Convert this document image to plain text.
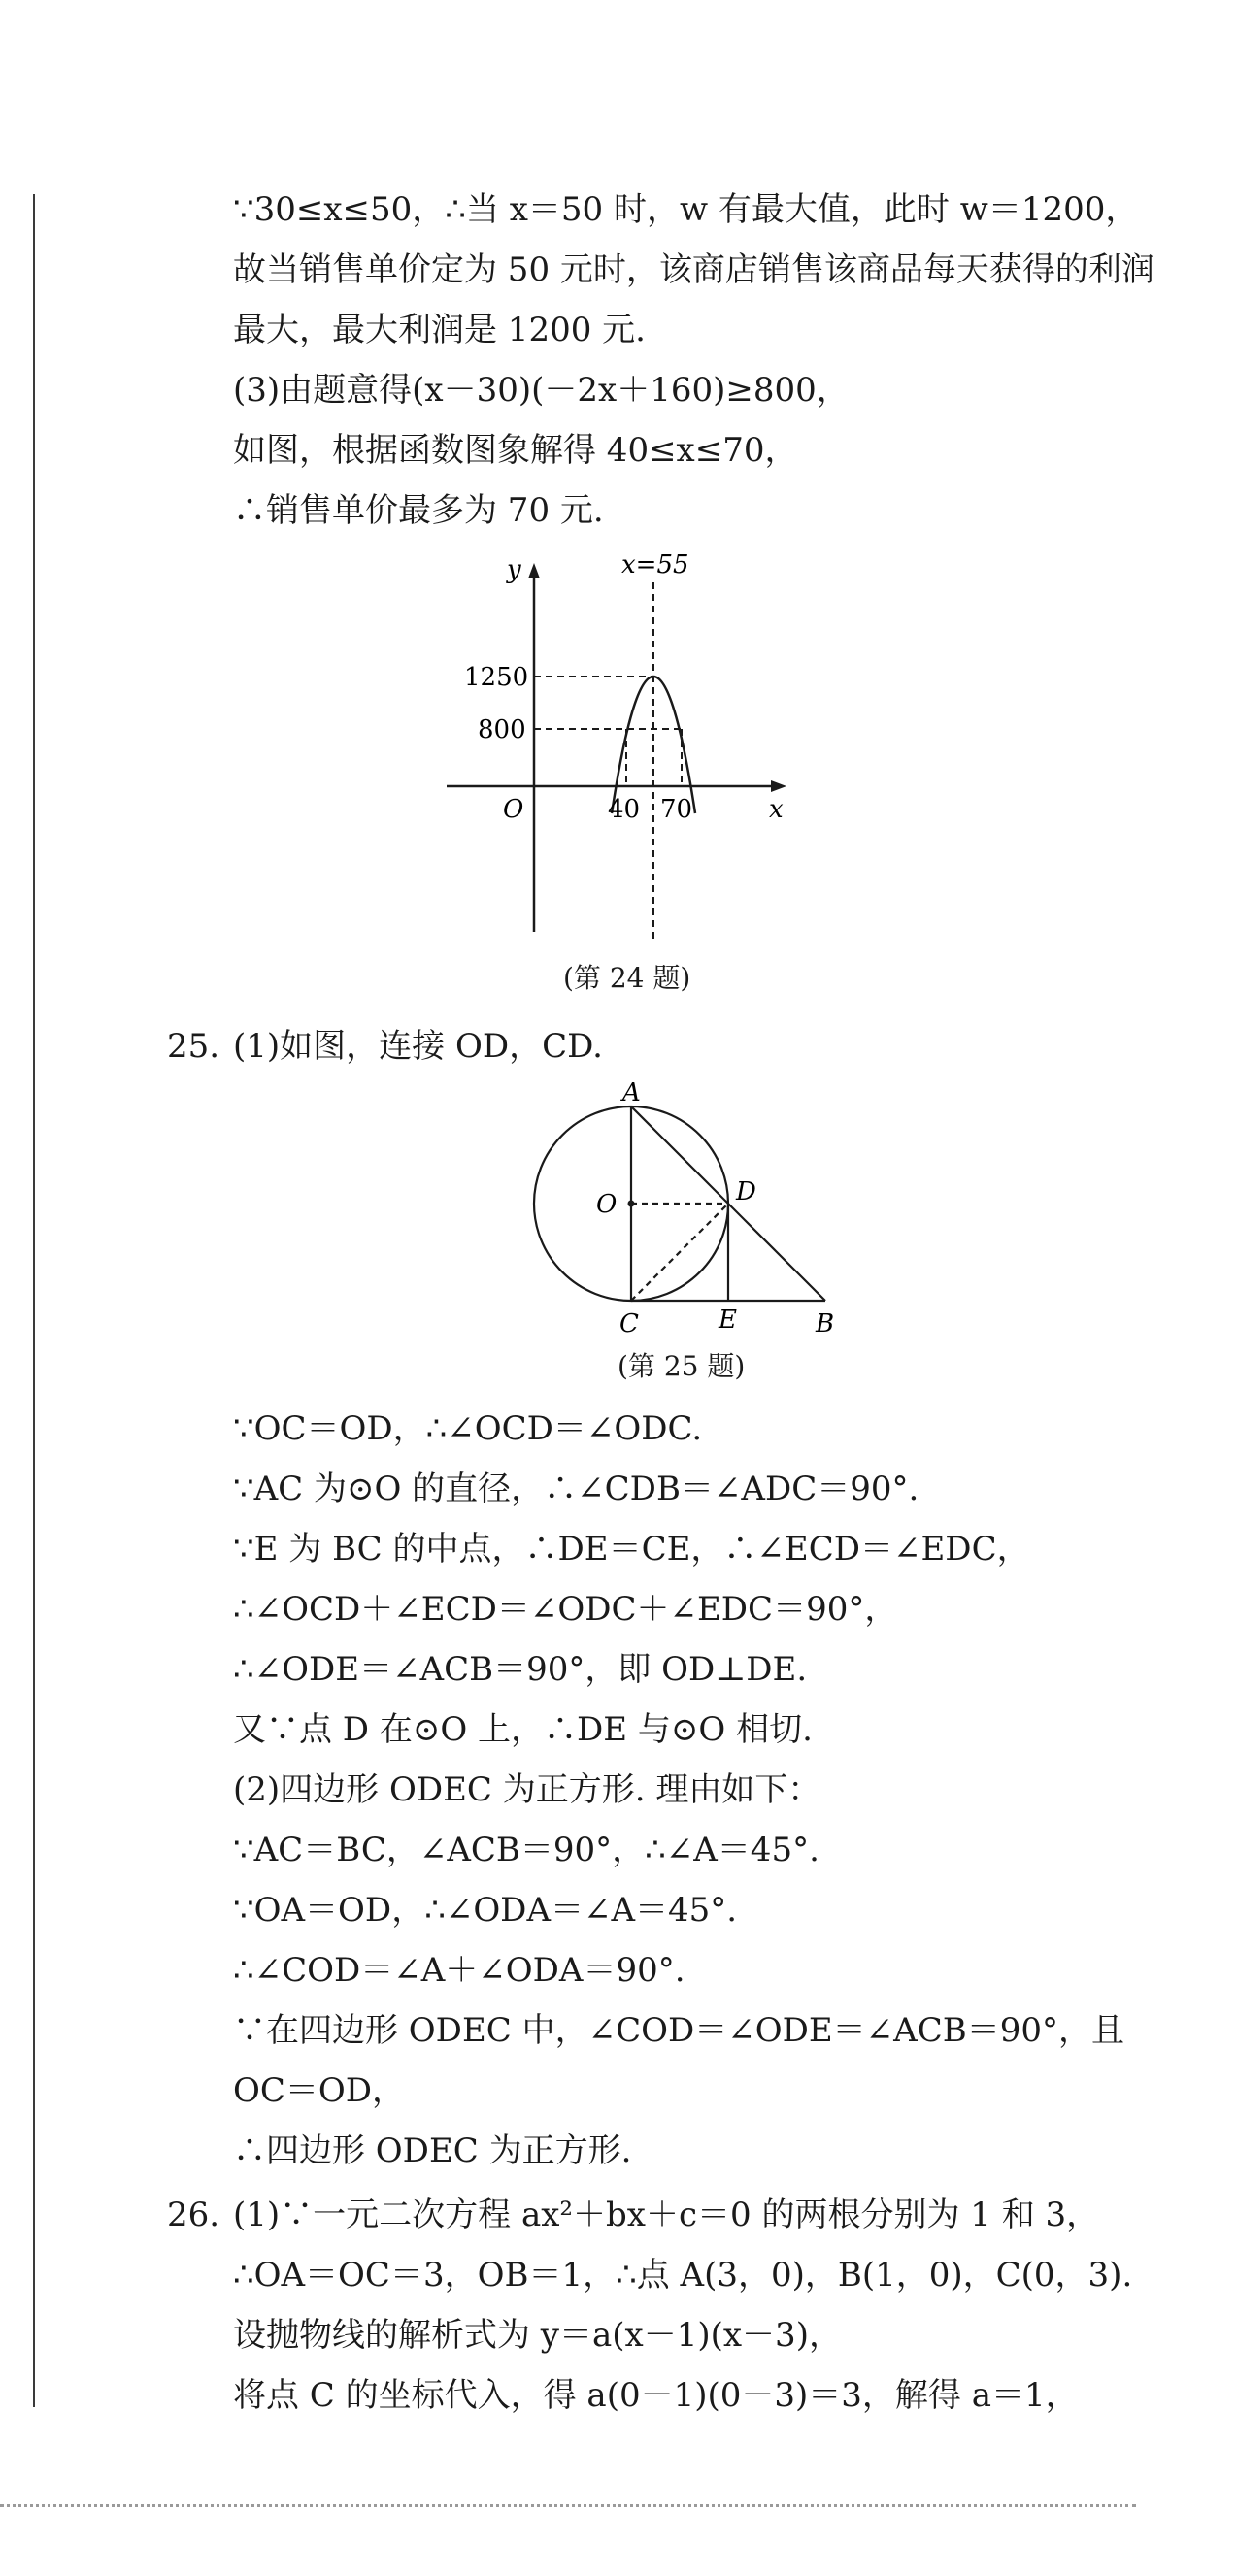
∵30≤x≤50，∴当 x＝50 时，w 有最大值，此时 w＝1200，
故当销售单价定为 50 元时，该商店销售该商品每天获得的利润
最大，最大利润是 1200 元.
(3)由题意得(x－30)(－2x＋160)≥800，
如图，根据函数图象解得 40≤x≤70，
∴销售单价最多为 70 元.
y	x=55
1250
800
O	40 70	x
(第 24 题)
25. (1)如图，连接 OD，CD.
A
O	D
C	E	B
(第 25 题)
∵OC＝OD，∴∠OCD＝∠ODC.
∵AC 为⊙O 的直径，∴∠CDB＝∠ADC＝90°.
∵E 为 BC 的中点，∴DE＝CE，∴∠ECD＝∠EDC，
∴∠OCD＋∠ECD＝∠ODC＋∠EDC＝90°，
∴∠ODE＝∠ACB＝90°，即 OD⊥DE.
又∵点 D 在⊙O 上，∴DE 与⊙O 相切.
(2)四边形 ODEC 为正方形. 理由如下：
∵AC＝BC，∠ACB＝90°，∴∠A＝45°.
∵OA＝OD，∴∠ODA＝∠A＝45°.
∴∠COD＝∠A＋∠ODA＝90°.
∵在四边形 ODEC 中，∠COD＝∠ODE＝∠ACB＝90°，且
OC＝OD，
∴四边形 ODEC 为正方形.
26. (1)∵一元二次方程 ax²＋bx＋c＝0 的两根分别为 1 和 3，
∴OA＝OC＝3，OB＝1，∴点 A(3，0)，B(1，0)，C(0，3).
设抛物线的解析式为 y＝a(x－1)(x－3)，
将点 C 的坐标代入，得 a(0－1)(0－3)＝3，解得 a＝1，
